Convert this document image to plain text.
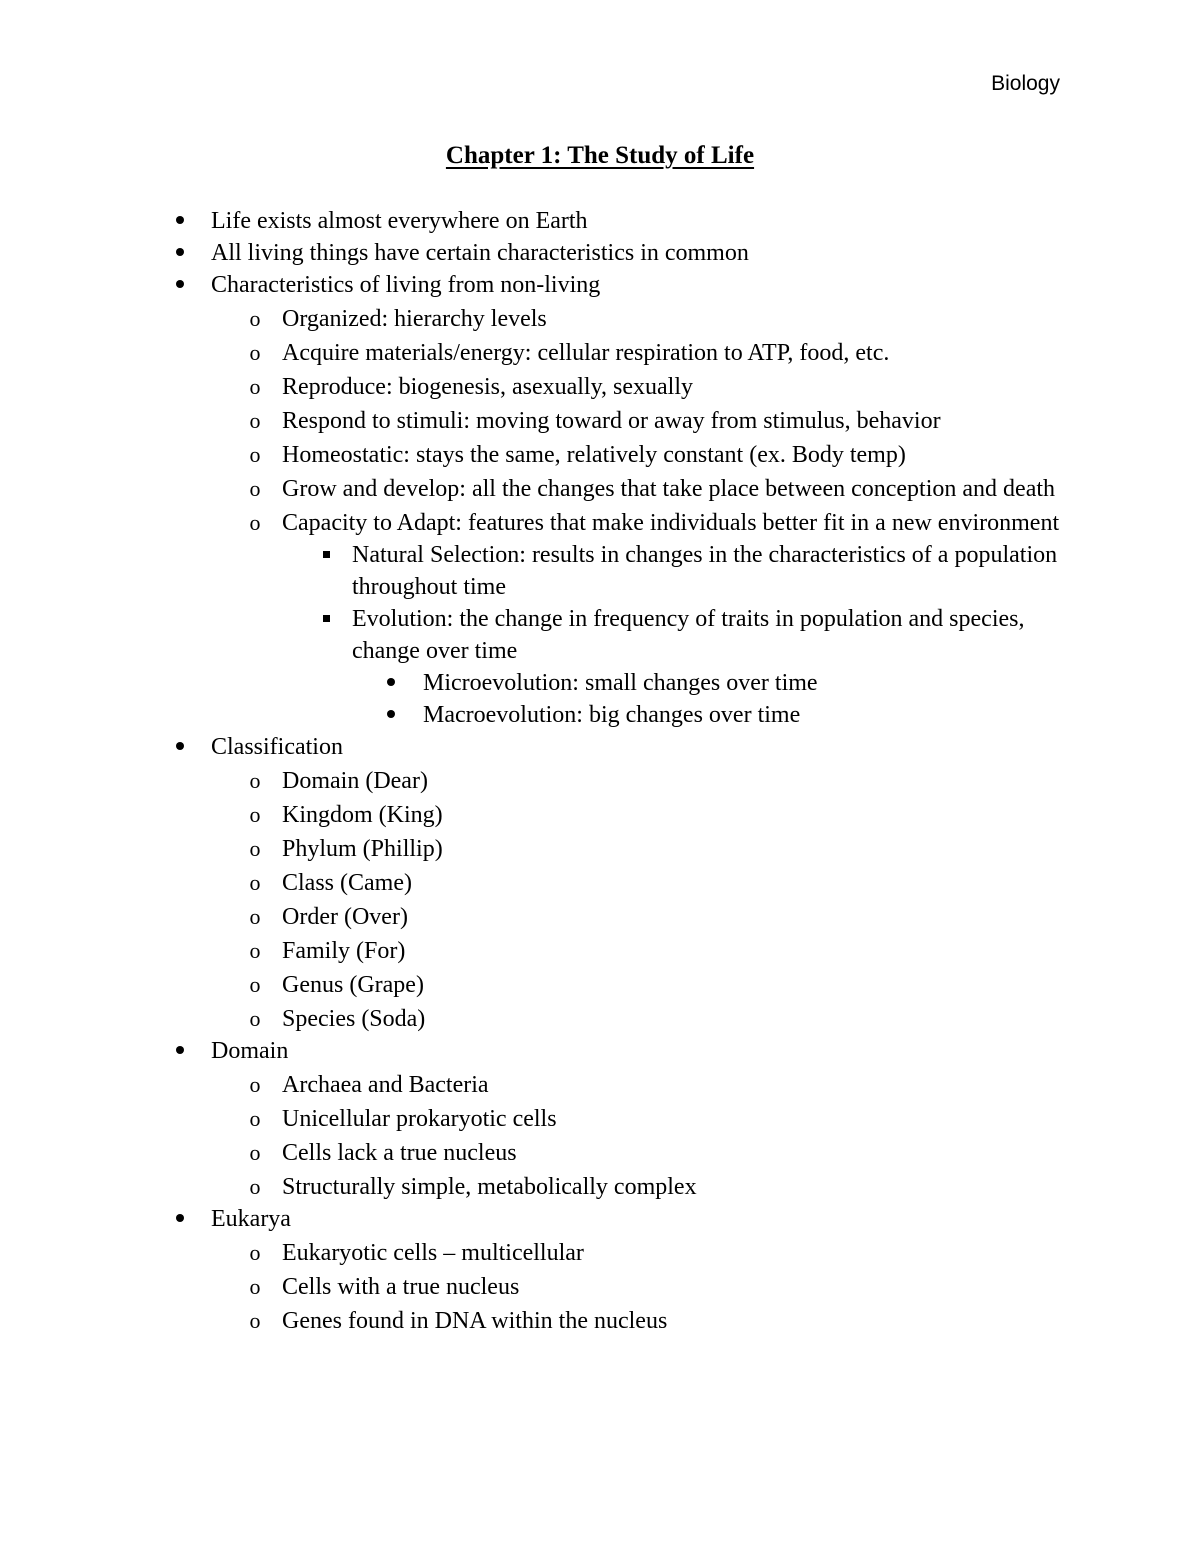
Biology
Chapter 1: The Study of Life
Life exists almost everywhere on Earth
All living things have certain characteristics in common
Characteristics of living from non-living
o Organized: hierarchy levels
o Acquire materials/energy: cellular respiration to ATP, food, etc.
o Reproduce: biogenesis, asexually, sexually
o Respond to stimuli: moving toward or away from stimulus, behavior
o Homeostatic: stays the same, relatively constant (ex. Body temp)
o Grow and develop: all the changes that take place between conception and death
o Capacity to Adapt: features that make individuals better fit in a new environment
Natural Selection: results in changes in the characteristics of a population throughout time
Evolution: the change in frequency of traits in population and species, change over time
Microevolution: small changes over time
Macroevolution: big changes over time
Classification
o Domain (Dear)
o Kingdom (King)
o Phylum (Phillip)
o Class (Came)
o Order (Over)
o Family (For)
o Genus (Grape)
o Species (Soda)
Domain
o Archaea and Bacteria
o Unicellular prokaryotic cells
o Cells lack a true nucleus
o Structurally simple, metabolically complex
Eukarya
o Eukaryotic cells – multicellular
o Cells with a true nucleus
o Genes found in DNA within the nucleus
